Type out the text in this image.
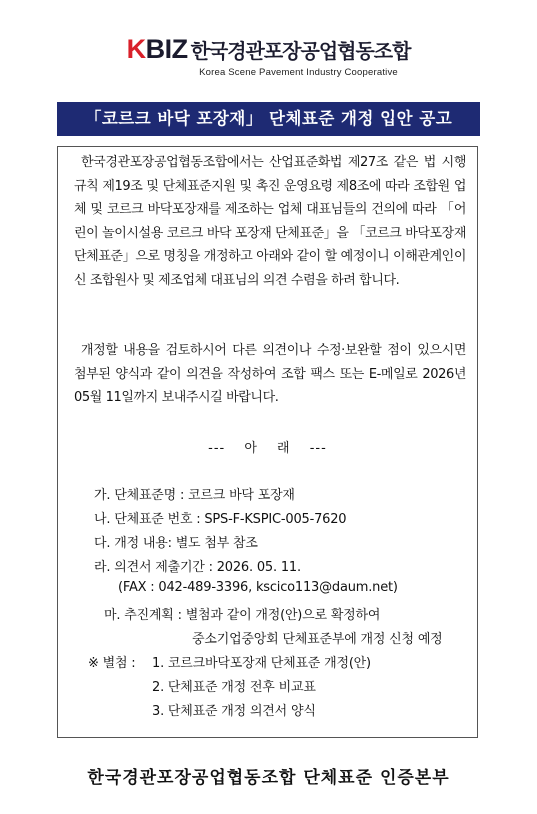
KBIZ 한국경관포장공업협동조합
Korea Scene Pavement Industry Cooperative
「코르크 바닥 포장재」 단체표준 개정 입안 공고
한국경관포장공업협동조합에서는 산업표준화법 제27조 같은 법 시행규칙 제19조 및 단체표준지원 및 촉진 운영요령 제8조에 따라 조합원 업체 및 코르크 바닥포장재를 제조하는 업체 대표님들의 건의에 따라 「어린이 놀이시설용 코르크 바닥 포장재 단체표준」을 「코르크 바닥포장재 단체표준」으로 명칭을 개정하고 아래와 같이 할 예정이니 이해관계인이신 조합원사 및 제조업체 대표님의 의견 수렴을 하려 합니다.
개정할 내용을 검토하시어 다른 의견이나 수정·보완할 점이 있으시면 첨부된 양식과 같이 의견을 작성하여 조합 팩스 또는 E-메일로 2026년 05월 11일까지 보내주시길 바랍니다.
--- 아 래 ---
가. 단체표준명 : 코르크 바닥 포장재
나. 단체표준 번호 : SPS-F-KSPIC-005-7620
다. 개정 내용: 별도 첨부 참조
라. 의견서 제출기간 : 2026. 05. 11.
(FAX : 042-489-3396, kscico113@daum.net)
마. 추진계획 : 별첨과 같이 개정(안)으로 확정하여
중소기업중앙회 단체표준부에 개정 신청 예정
※ 별첨 : 1. 코르크바닥포장재 단체표준 개정(안)
2. 단체표준 개정 전후 비교표
3. 단체표준 개정 의견서 양식
한국경관포장공업협동조합 단체표준 인증본부
